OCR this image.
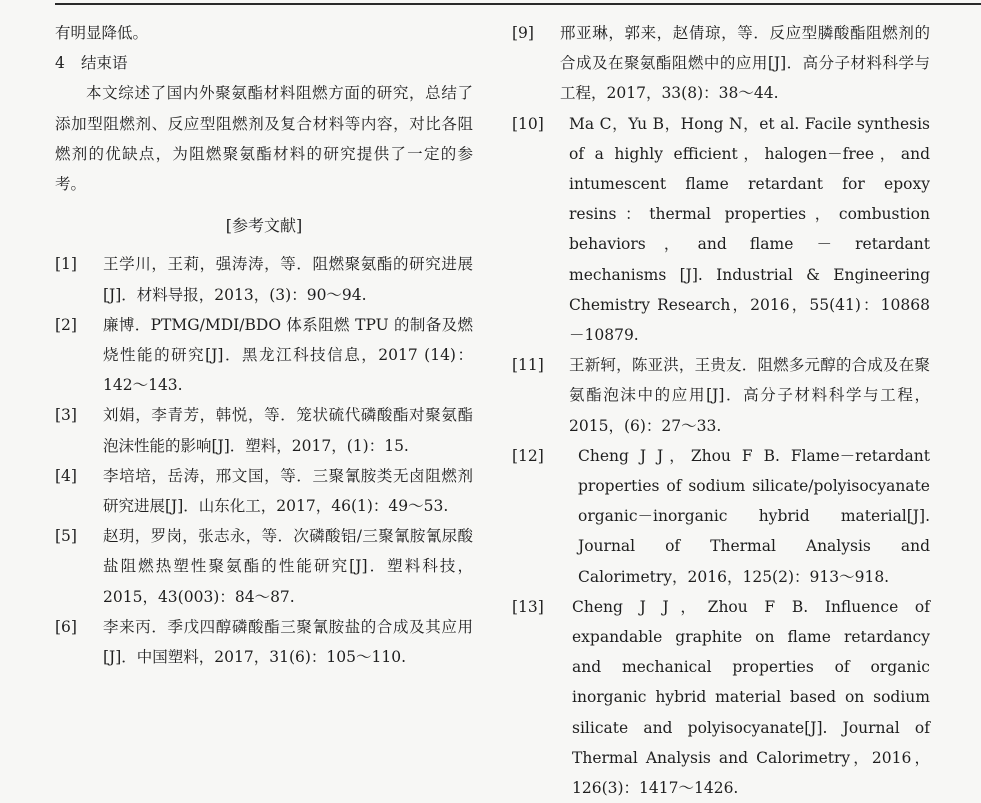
有明显降低。
4 结束语
本文综述了国内外聚氨酯材料阻燃方面的研究，总结了添加型阻燃剂、反应型阻燃剂及复合材料等内容，对比各阻燃剂的优缺点，为阻燃聚氨酯材料的研究提供了一定的参考。
[参考文献]
[1] 王学川，王莉，强涛涛，等．阻燃聚氨酯的研究进展[J]．材料导报，2013，(3)：90～94.
[2] 廉博．PTMG/MDI/BDO 体系阻燃 TPU 的制备及燃烧性能的研究[J]．黑龙江科技信息，2017 (14)：142～143.
[3] 刘娟，李青芳，韩悦，等．笼状硫代磷酸酯对聚氨酯泡沫性能的影响[J]．塑料，2017，(1)：15.
[4] 李培培，岳涛，邢文国，等．三聚氰胺类无卤阻燃剂研究进展[J]．山东化工，2017，46(1)：49～53.
[5] 赵玥，罗岗，张志永，等．次磷酸铝/三聚氰胺氰尿酸盐阻燃热塑性聚氨酯的性能研究[J]．塑料科技，2015，43(003)：84～87.
[6] 李来丙．季戊四醇磷酸酯三聚氰胺盐的合成及其应用[J]．中国塑料，2017，31(6)：105～110.
[9] 邢亚琳，郭来，赵倩琼，等．反应型膦酸酯阻燃剂的合成及在聚氨酯阻燃中的应用[J]．高分子材料科学与工程，2017，33(8)：38～44.
[10] Ma C，Yu B，Hong N，et al. Facile synthesis of a highly efficient，halogen－free，and intumescent flame retardant for epoxy resins：thermal properties，combustion behaviors，and flame － retardant mechanisms [J]. Industrial & Engineering Chemistry Research，2016，55(41)：10868－10879.
[11] 王新轲，陈亚洪，王贵友．阻燃多元醇的合成及在聚氨酯泡沫中的应用[J]．高分子材料科学与工程，2015，(6)：27～33.
[12] Cheng J J，Zhou F B. Flame－retardant properties of sodium silicate/polyisocyanate organic－inorganic hybrid material[J]. Journal of Thermal Analysis and Calorimetry，2016，125(2)：913～918.
[13] Cheng J J，Zhou F B. Influence of expandable graphite on flame retardancy and mechanical properties of organic inorganic hybrid material based on sodium silicate and polyisocyanate[J]. Journal of Thermal Analysis and Calorimetry，2016，126(3)：1417～1426.
